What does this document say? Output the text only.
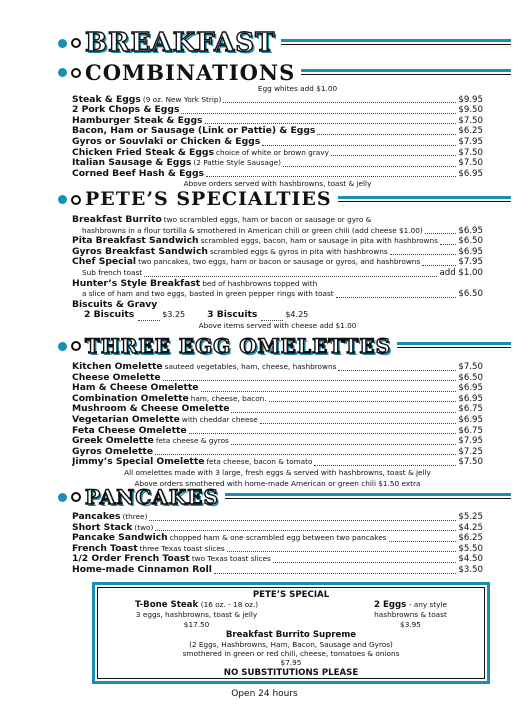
BREAKFAST
COMBINATIONS
Egg whites add $1.00
Steak & Eggs (9 oz. New York Strip)	$9.95
2 Pork Chops & Eggs	$9.50
Hamburger Steak & Eggs	$7.50
Bacon, Ham or Sausage (Link or Pattie) & Eggs	$6.25
Gyros or Souvlaki or Chicken & Eggs	$7.95
Chicken Fried Steak & Eggs choice of white or brown gravy	$7.50
Italian Sausage & Eggs (2 Pattie Style Sausage)	$7.50
Corned Beef Hash & Eggs	$6.95
Above orders served with hashbrowns, toast & jelly
PETE’S SPECIALTIES
Breakfast Burrito two scrambled eggs, ham or bacon or sausage or gyro &
hashbrowns in a flour tortilla & smothered in American chili or green chili (add cheese $1.00)	$6.95
Pita Breakfast Sandwich scrambled eggs, bacon, ham or sausage in pita with hashbrowns $6.50
Gyros Breakfast Sandwich scrambled eggs & gyros in pita with hashbrowns	$6.95
Chef Special two pancakes, two eggs, ham or bacon or sausage or gyros, and hashbrowns	$7.95
Sub french toast	add $1.00
Hunter’s Style Breakfast bed of hashbrowns topped with
a slice of ham and two eggs, basted in green pepper rings with toast	$6.50
Biscuits & Gravy
2 Biscuits	$3.25 3 Biscuits	$4.25
Above items served with cheese add $1.00
THREE EGG OMELETTES
Kitchen Omelette sauteed vegetables, ham, cheese, hashbrowns	$7.50
Cheese Omelette	$6.50
Ham & Cheese Omelette	$6.95
Combination Omelette ham, cheese, bacon.	$6.95
Mushroom & Cheese Omelette	$6.75
Vegetarian Omelette with cheddar cheese	$6.95
Feta Cheese Omelette	$6.75
Greek Omelette feta cheese & gyros	$7.95
Gyros Omelette	$7.25
Jimmy’s Special Omelette feta cheese, bacon & tomato	$7.50
All omelettes made with 3 large, fresh eggs & served with hashbrowns, toast & jelly
Above orders smothered with home-made American or green chili $1.50 extra
PANCAKES
Pancakes (three)	$5.25
Short Stack (two)	$4.25
Pancake Sandwich chopped ham & one scrambled egg between two pancakes	$6.25
French Toast three Texas toast slices	$5.50
1/2 Order French Toast two Texas toast slices	$4.50
Home-made Cinnamon Roll	$3.50
PETE’S SPECIAL
T-Bone Steak (16 oz. - 18 oz.)
3 eggs, hashbrowns, toast & jelly
$17.50
2 Eggs - any style
hashbrowns & toast
$3.95
Breakfast Burrito Supreme
(2 Eggs, Hashbrowns, Ham, Bacon, Sausage and Gyros)
smothered in green or red chili, cheese, tomatoes & onions
$7.95
NO SUBSTITUTIONS PLEASE
Open 24 hours
